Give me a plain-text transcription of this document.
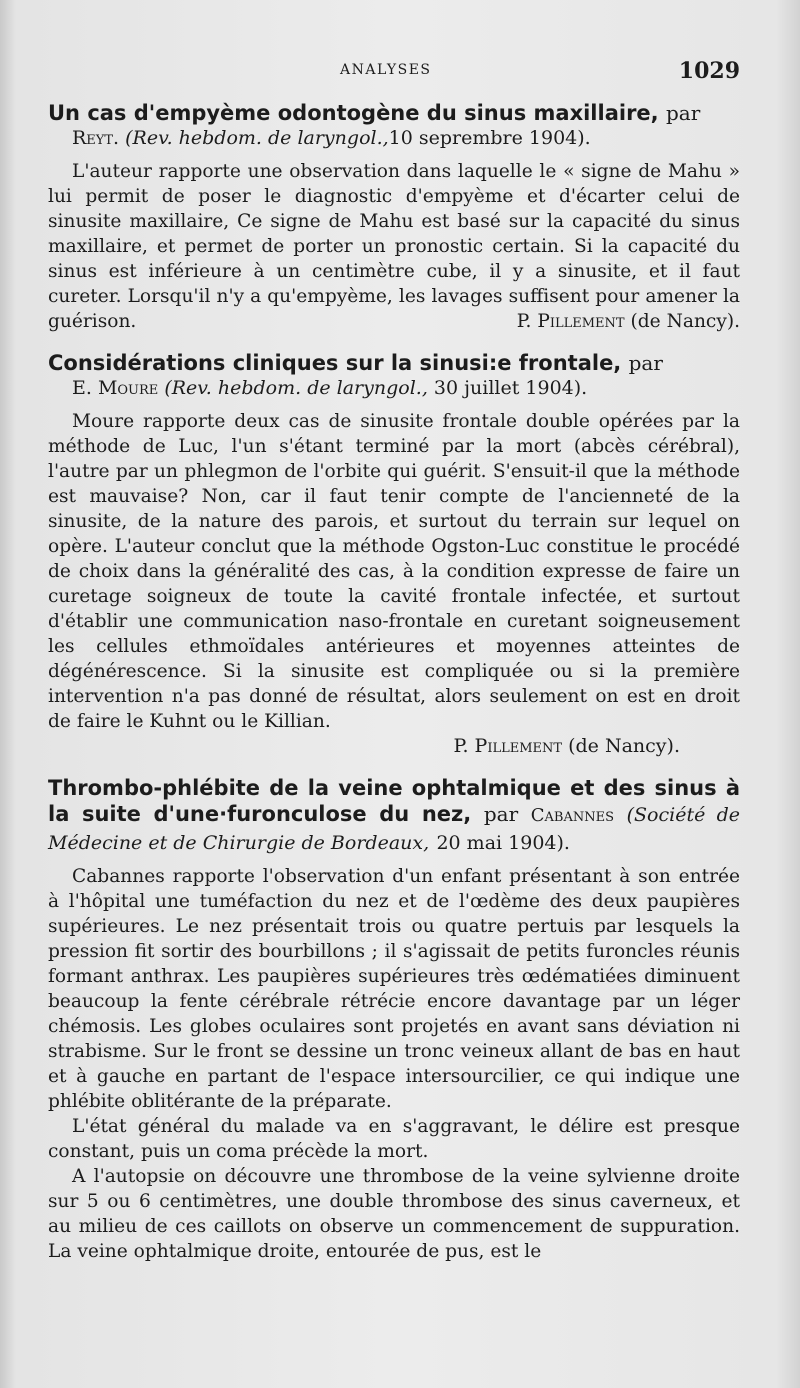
ANALYSES	1029

Un cas d'empyème odontogène du sinus maxillaire, par

Reyt. (Rev. hebdom. de laryngol.,10 seprembre 1904).

L'auteur rapporte une observation dans laquelle le « signe de Mahu » lui permit de poser le diagnostic d'empyème et d'écarter celui de sinusite maxillaire, Ce signe de Mahu est basé sur la capacité du sinus maxillaire, et permet de porter un pronostic certain. Si la capacité du sinus est inférieure à un centimètre cube, il y a sinusite, et il faut cureter. Lorsqu'il n'y a qu'empyème, les lavages suffisent pour amener la guérison.	P. Pillement (de Nancy).

Considérations cliniques sur la sinusi:e frontale, par

E. Moure (Rev. hebdom. de laryngol., 30 juillet 1904).

Moure rapporte deux cas de sinusite frontale double opérées par la méthode de Luc, l'un s'étant terminé par la mort (abcès cérébral), l'autre par un phlegmon de l'orbite qui guérit. S'ensuit-il que la méthode est mauvaise? Non, car il faut tenir compte de l'ancienneté de la sinusite, de la nature des parois, et surtout du terrain sur lequel on opère. L'auteur conclut que la méthode Ogston-Luc constitue le procédé de choix dans la généralité des cas, à la condition expresse de faire un curetage soigneux de toute la cavité frontale infectée, et surtout d'établir une communication naso-frontale en curetant soigneusement les cellules ethmoïdales antérieures et moyennes atteintes de dégénérescence. Si la sinusite est compliquée ou si la première intervention n'a pas donné de résultat, alors seulement on est en droit de faire le Kuhnt ou le Killian.

P. Pillement (de Nancy).

Thrombo-phlébite de la veine ophtalmique et des sinus à la suite d'une·furonculose du nez, par Cabannes (Société de Médecine et de Chirurgie de Bordeaux, 20 mai 1904).

Cabannes rapporte l'observation d'un enfant présentant à son entrée à l'hôpital une tuméfaction du nez et de l'œdème des deux paupières supérieures. Le nez présentait trois ou quatre pertuis par lesquels la pression fit sortir des bourbillons ; il s'agissait de petits furoncles réunis formant anthrax. Les paupières supérieures très œdématiées diminuent beaucoup la fente cérébrale rétrécie encore davantage par un léger chémosis. Les globes oculaires sont projetés en avant sans déviation ni strabisme. Sur le front se dessine un tronc veineux allant de bas en haut et à gauche en partant de l'espace intersourcilier, ce qui indique une phlébite oblitérante de la préparate.

L'état général du malade va en s'aggravant, le délire est presque constant, puis un coma précède la mort.

A l'autopsie on découvre une thrombose de la veine sylvienne droite sur 5 ou 6 centimètres, une double thrombose des sinus caverneux, et au milieu de ces caillots on observe un commencement de suppuration. La veine ophtalmique droite, entourée de pus, est le
